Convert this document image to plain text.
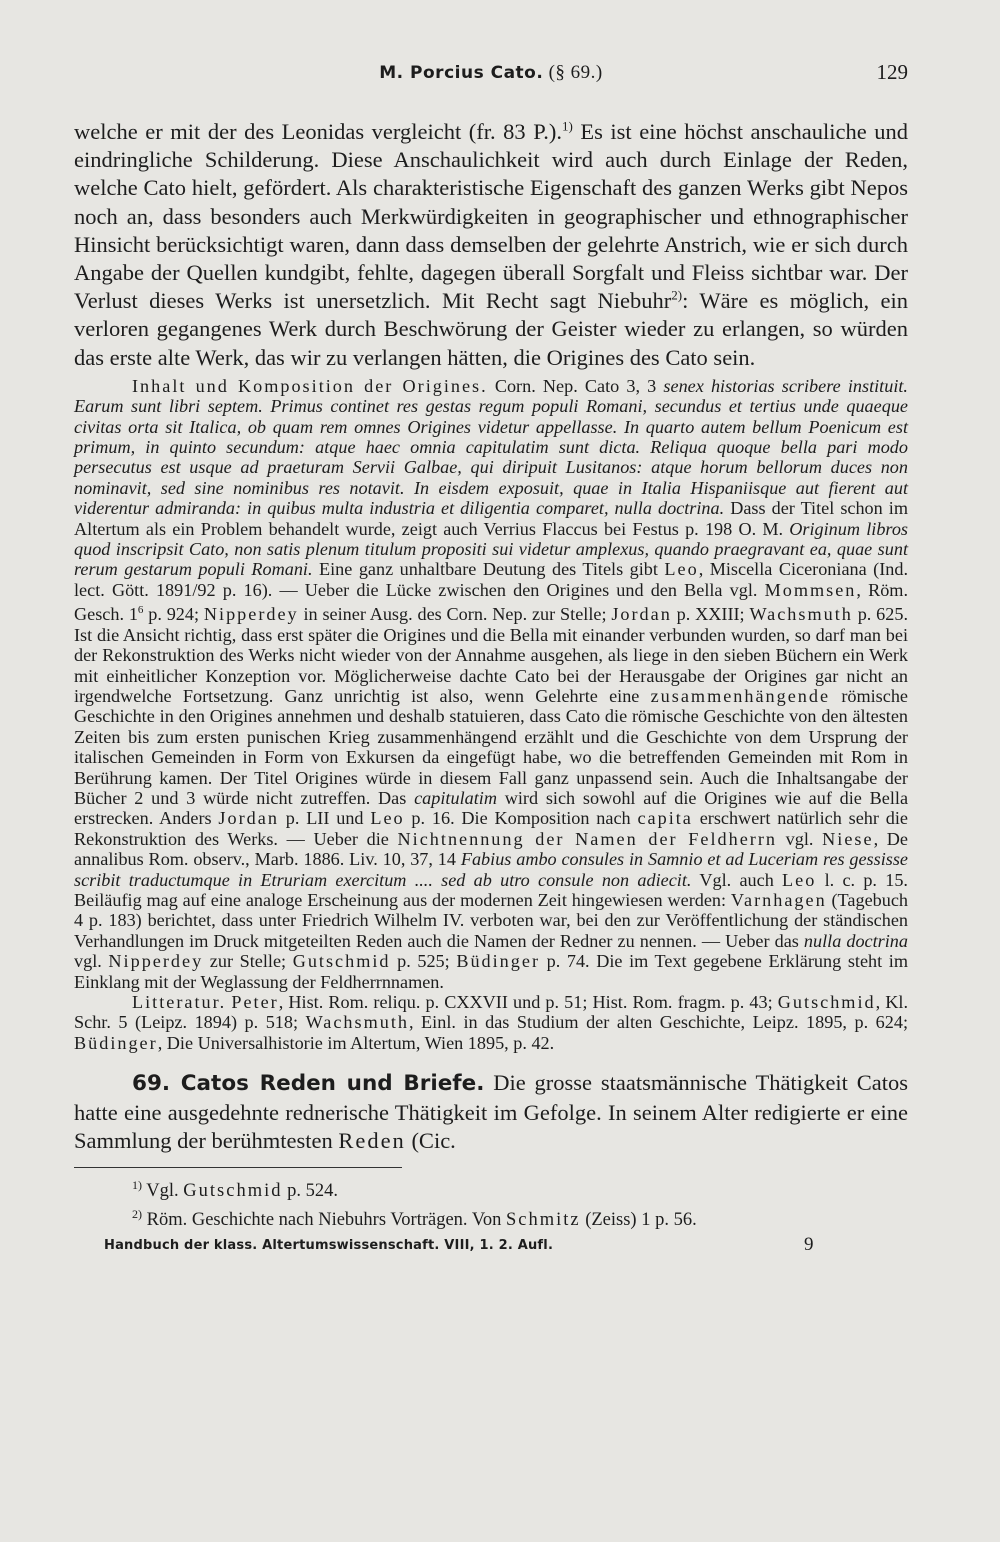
M. Porcius Cato. (§ 69.)	129

welche er mit der des Leonidas vergleicht (fr. 83 P.).$^{1)}$ Es ist eine höchst anschauliche und eindringliche Schilderung. Diese Anschaulichkeit wird auch durch Einlage der Reden, welche Cato hielt, gefördert. Als charakteristische Eigenschaft des ganzen Werks gibt Nepos noch an, dass besonders auch Merkwürdigkeiten in geographischer und ethnographischer Hinsicht berücksichtigt waren, dann dass demselben der gelehrte Anstrich, wie er sich durch Angabe der Quellen kundgibt, fehlte, dagegen überall Sorgfalt und Fleiss sichtbar war. Der Verlust dieses Werks ist unersetzlich. Mit Recht sagt Niebuhr$^{2)}$: Wäre es möglich, ein verloren gegangenes Werk durch Beschwörung der Geister wieder zu erlangen, so würden das erste alte Werk, das wir zu verlangen hätten, die Origines des Cato sein.

Inhalt und Komposition der Origines. Corn. Nep. Cato 3, 3 senex historias scribere instituit. Earum sunt libri septem. Primus continet res gestas regum populi Romani, secundus et tertius unde quaeque civitas orta sit Italica, ob quam rem omnes Origines videtur appellasse. In quarto autem bellum Poenicum est primum, in quinto secundum: atque haec omnia capitulatim sunt dicta. Reliqua quoque bella pari modo persecutus est usque ad praeturam Servii Galbae, qui diripuit Lusitanos: atque horum bellorum duces non nominavit, sed sine nominibus res notavit. In eisdem exposuit, quae in Italia Hispaniisque aut fierent aut viderentur admiranda: in quibus multa industria et diligentia comparet, nulla doctrina. Dass der Titel schon im Altertum als ein Problem behandelt wurde, zeigt auch Verrius Flaccus bei Festus p. 198 O. M. Originum libros quod inscripsit Cato, non satis plenum titulum propositi sui videtur amplexus, quando praegravant ea, quae sunt rerum gestarum populi Romani. Eine ganz unhaltbare Deutung des Titels gibt Leo, Miscella Ciceroniana (Ind. lect. Gött. 1891/92 p. 16). — Ueber die Lücke zwischen den Origines und den Bella vgl. Mommsen, Röm. Gesch. $1^6$ p. 924; Nipperdey in seiner Ausg. des Corn. Nep. zur Stelle; Jordan p. XXIII; Wachsmuth p. 625. Ist die Ansicht richtig, dass erst später die Origines und die Bella mit einander verbunden wurden, so darf man bei der Rekonstruktion des Werks nicht wieder von der Annahme ausgehen, als liege in den sieben Büchern ein Werk mit einheitlicher Konzeption vor. Möglicherweise dachte Cato bei der Herausgabe der Origines gar nicht an irgendwelche Fortsetzung. Ganz unrichtig ist also, wenn Gelehrte eine zusammenhängende römische Geschichte in den Origines annehmen und deshalb statuieren, dass Cato die römische Geschichte von den ältesten Zeiten bis zum ersten punischen Krieg zusammenhängend erzählt und die Geschichte von dem Ursprung der italischen Gemeinden in Form von Exkursen da eingefügt habe, wo die betreffenden Gemeinden mit Rom in Berührung kamen. Der Titel Origines würde in diesem Fall ganz unpassend sein. Auch die Inhaltsangabe der Bücher 2 und 3 würde nicht zutreffen. Das capitulatim wird sich sowohl auf die Origines wie auf die Bella erstrecken. Anders Jordan p. LII und Leo p. 16. Die Komposition nach capita erschwert natürlich sehr die Rekonstruktion des Werks. — Ueber die Nichtnennung der Namen der Feldherrn vgl. Niese, De annalibus Rom. observ., Marb. 1886. Liv. 10, 37, 14 Fabius ambo consules in Samnio et ad Luceriam res gessisse scribit traductumque in Etruriam exercitum .... sed ab utro consule non adiecit. Vgl. auch Leo l. c. p. 15. Beiläufig mag auf eine analoge Erscheinung aus der modernen Zeit hingewiesen werden: Varnhagen (Tagebuch 4 p. 183) berichtet, dass unter Friedrich Wilhelm IV. verboten war, bei den zur Veröffentlichung der ständischen Verhandlungen im Druck mitgeteilten Reden auch die Namen der Redner zu nennen. — Ueber das nulla doctrina vgl. Nipperdey zur Stelle; Gutschmid p. 525; Büdinger p. 74. Die im Text gegebene Erklärung steht im Einklang mit der Weglassung der Feldherrnnamen.

Litteratur. Peter, Hist. Rom. reliqu. p. CXXVII und p. 51; Hist. Rom. fragm. p. 43; Gutschmid, Kl. Schr. 5 (Leipz. 1894) p. 518; Wachsmuth, Einl. in das Studium der alten Geschichte, Leipz. 1895, p. 624; Büdinger, Die Universalhistorie im Altertum, Wien 1895, p. 42.

69. Catos Reden und Briefe. Die grosse staatsmännische Thätigkeit Catos hatte eine ausgedehnte rednerische Thätigkeit im Gefolge. In seinem Alter redigierte er eine Sammlung der berühmtesten Reden (Cic.

$^{1)}$ Vgl. Gutschmid p. 524.

$^{2)}$ Röm. Geschichte nach Niebuhrs Vorträgen. Von Schmitz (Zeiss) 1 p. 56.

Handbuch der klass. Altertumswissenschaft. VIII, 1. 2. Aufl.	9
